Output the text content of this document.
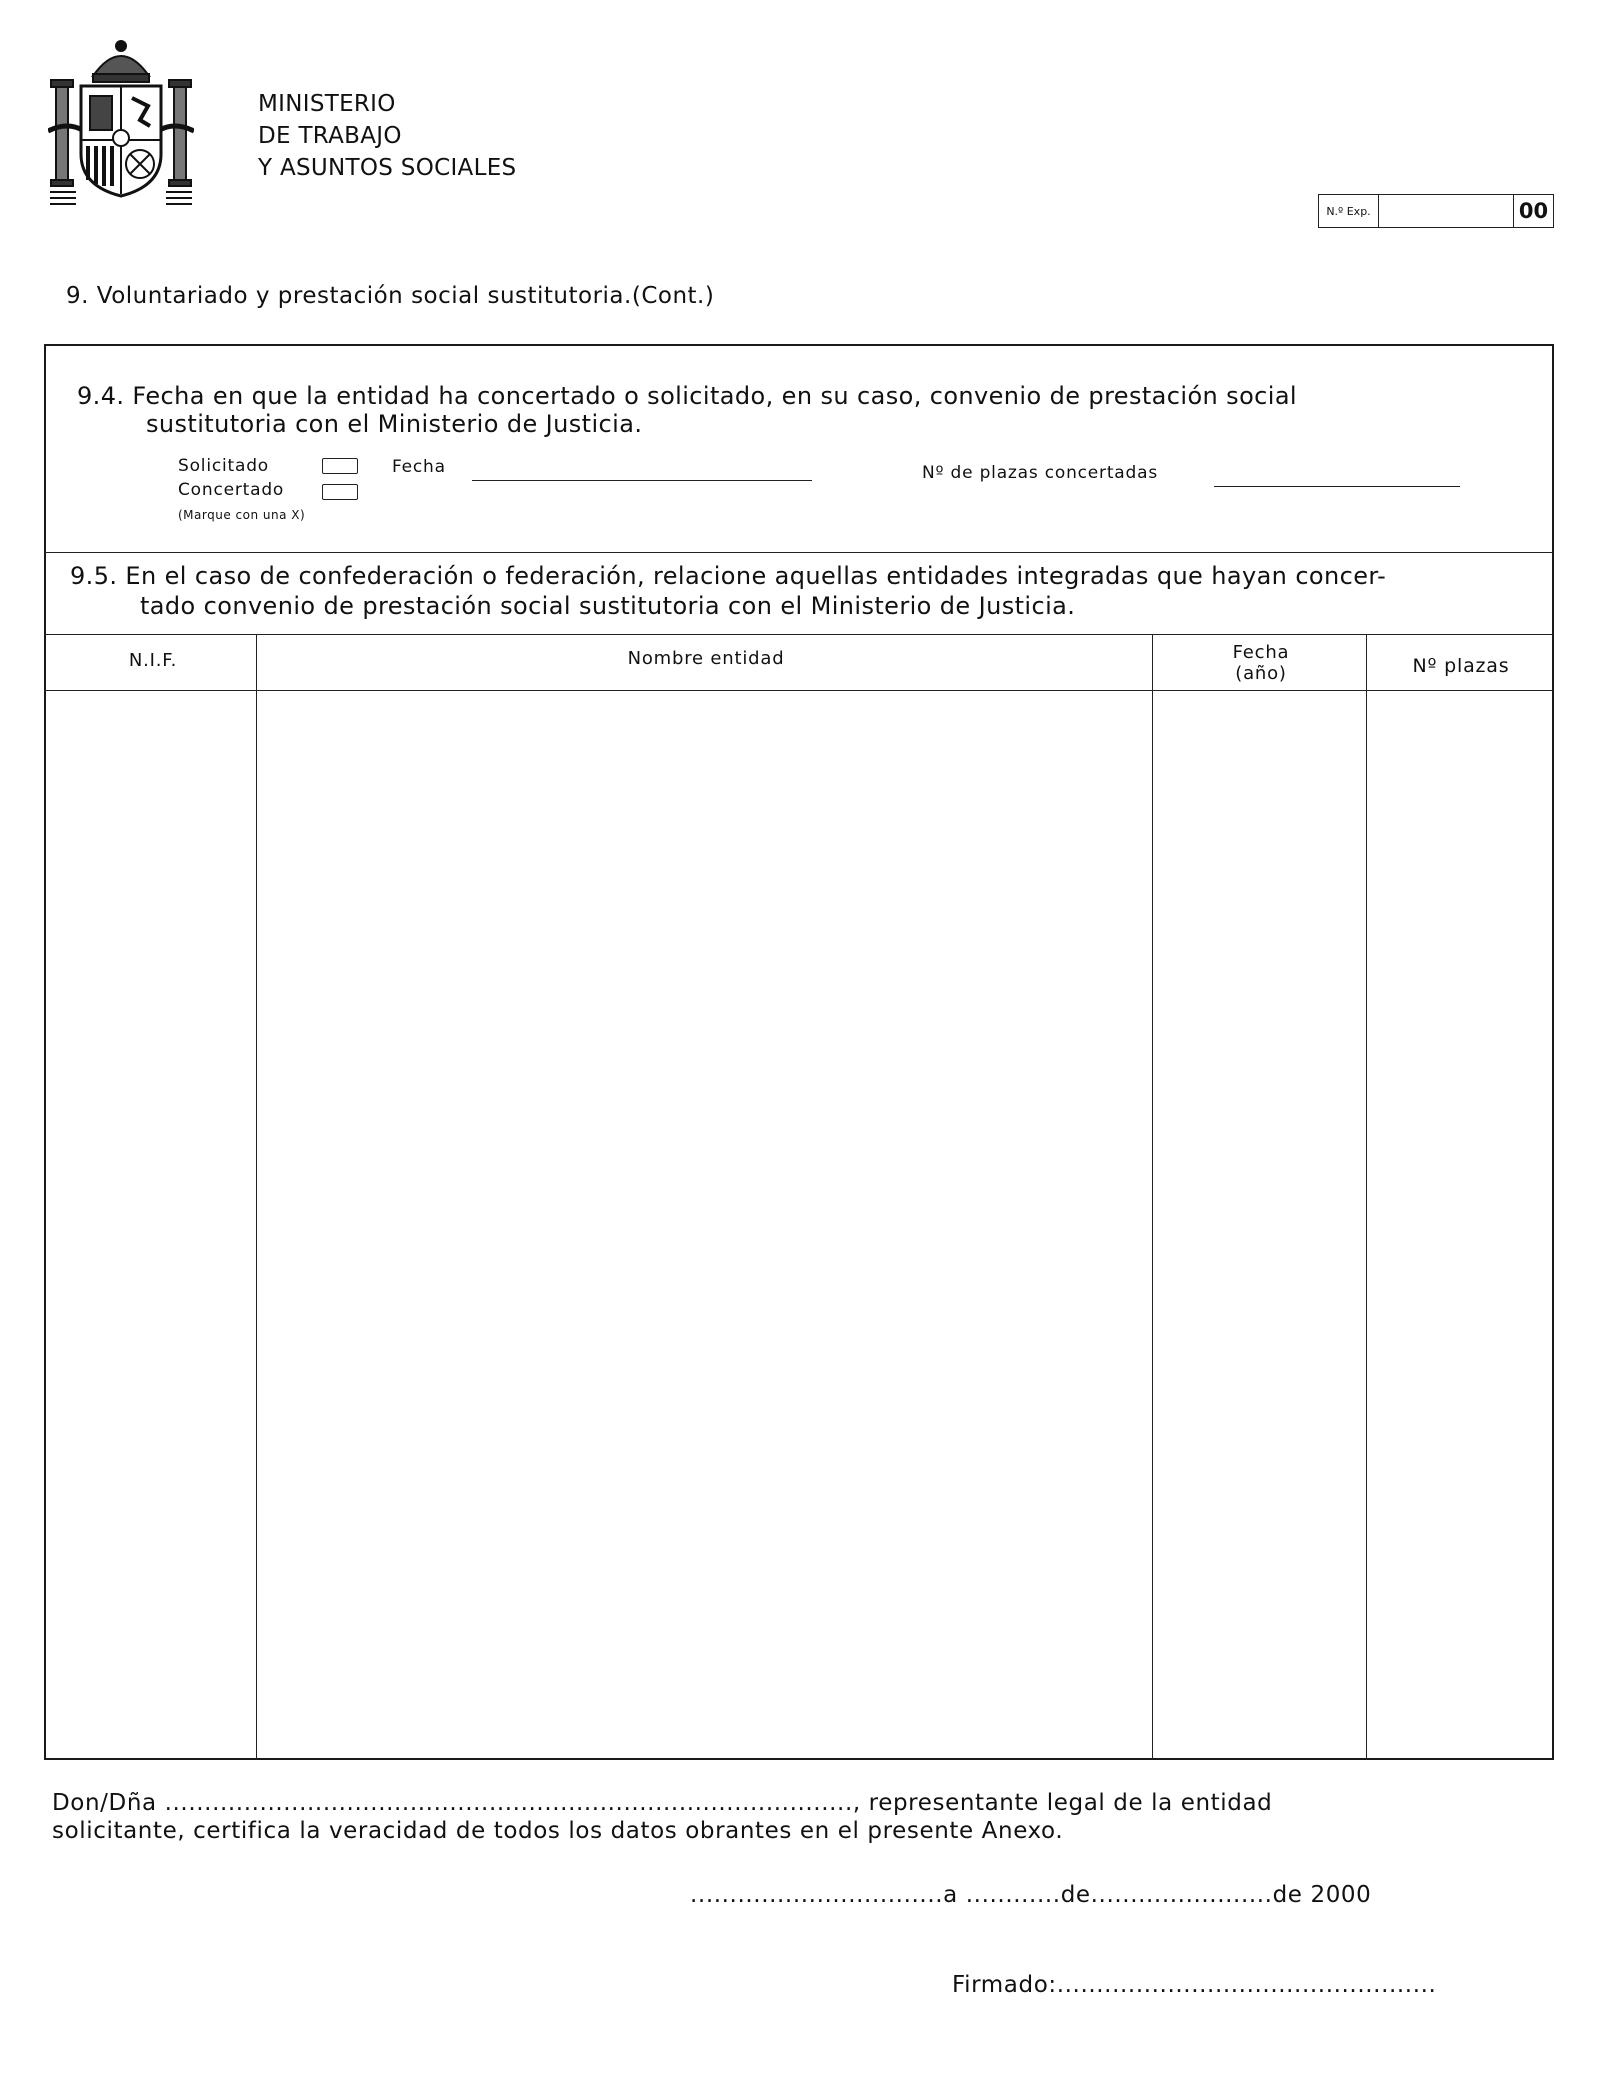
MINISTERIO
DE TRABAJO
Y ASUNTOS SOCIALES
N.º Exp.	00
9. Voluntariado y prestación social sustitutoria.(Cont.)
9.4. Fecha en que la entidad ha concertado o solicitado, en su caso, convenio de prestación social
sustitutoria con el Ministerio de Justicia.
Solicitado
Concertado
(Marque con una X)
Fecha	Nº de plazas concertadas
9.5. En el caso de confederación o federación, relacione aquellas entidades integradas que hayan concer-
tado convenio de prestación social sustitutoria con el Ministerio de Justicia.
N.I.F.	Nombre entidad	Fecha
(año)	Nº plazas
Don/Dña ......................................................................................., representante legal de la entidad
solicitante, certifica la veracidad de todos los datos obrantes en el presente Anexo.
................................a ............de.......................de 2000
Firmado:................................................
